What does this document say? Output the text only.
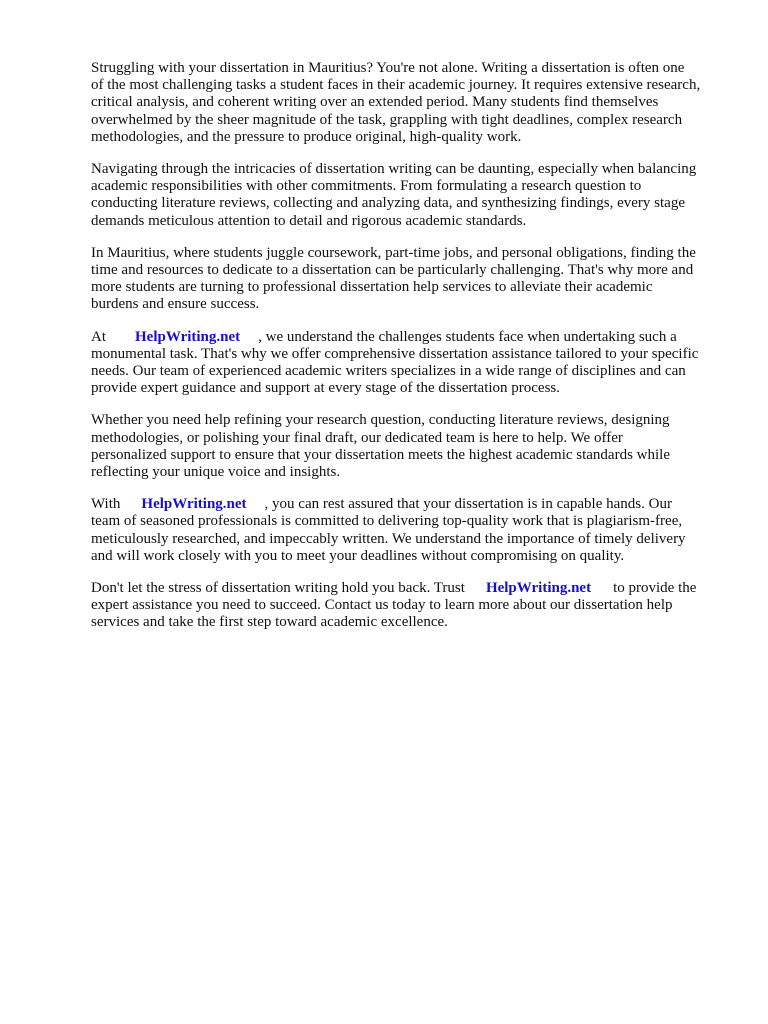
Struggling with your dissertation in Mauritius? You're not alone. Writing a dissertation is often one
of the most challenging tasks a student faces in their academic journey. It requires extensive research,
critical analysis, and coherent writing over an extended period. Many students find themselves
overwhelmed by the sheer magnitude of the task, grappling with tight deadlines, complex research
methodologies, and the pressure to produce original, high-quality work.

Navigating through the intricacies of dissertation writing can be daunting, especially when balancing
academic responsibilities with other commitments. From formulating a research question to
conducting literature reviews, collecting and analyzing data, and synthesizing findings, every stage
demands meticulous attention to detail and rigorous academic standards.

In Mauritius, where students juggle coursework, part-time jobs, and personal obligations, finding the
time and resources to dedicate to a dissertation can be particularly challenging. That's why more and
more students are turning to professional dissertation help services to alleviate their academic
burdens and ensure success.

At HelpWriting.net , we understand the challenges students face when undertaking such a
monumental task. That's why we offer comprehensive dissertation assistance tailored to your specific
needs. Our team of experienced academic writers specializes in a wide range of disciplines and can
provide expert guidance and support at every stage of the dissertation process.

Whether you need help refining your research question, conducting literature reviews, designing
methodologies, or polishing your final draft, our dedicated team is here to help. We offer
personalized support to ensure that your dissertation meets the highest academic standards while
reflecting your unique voice and insights.

With HelpWriting.net , you can rest assured that your dissertation is in capable hands. Our
team of seasoned professionals is committed to delivering top-quality work that is plagiarism-free,
meticulously researched, and impeccably written. We understand the importance of timely delivery
and will work closely with you to meet your deadlines without compromising on quality.

Don't let the stress of dissertation writing hold you back. Trust HelpWriting.net to provide the
expert assistance you need to succeed. Contact us today to learn more about our dissertation help
services and take the first step toward academic excellence.
